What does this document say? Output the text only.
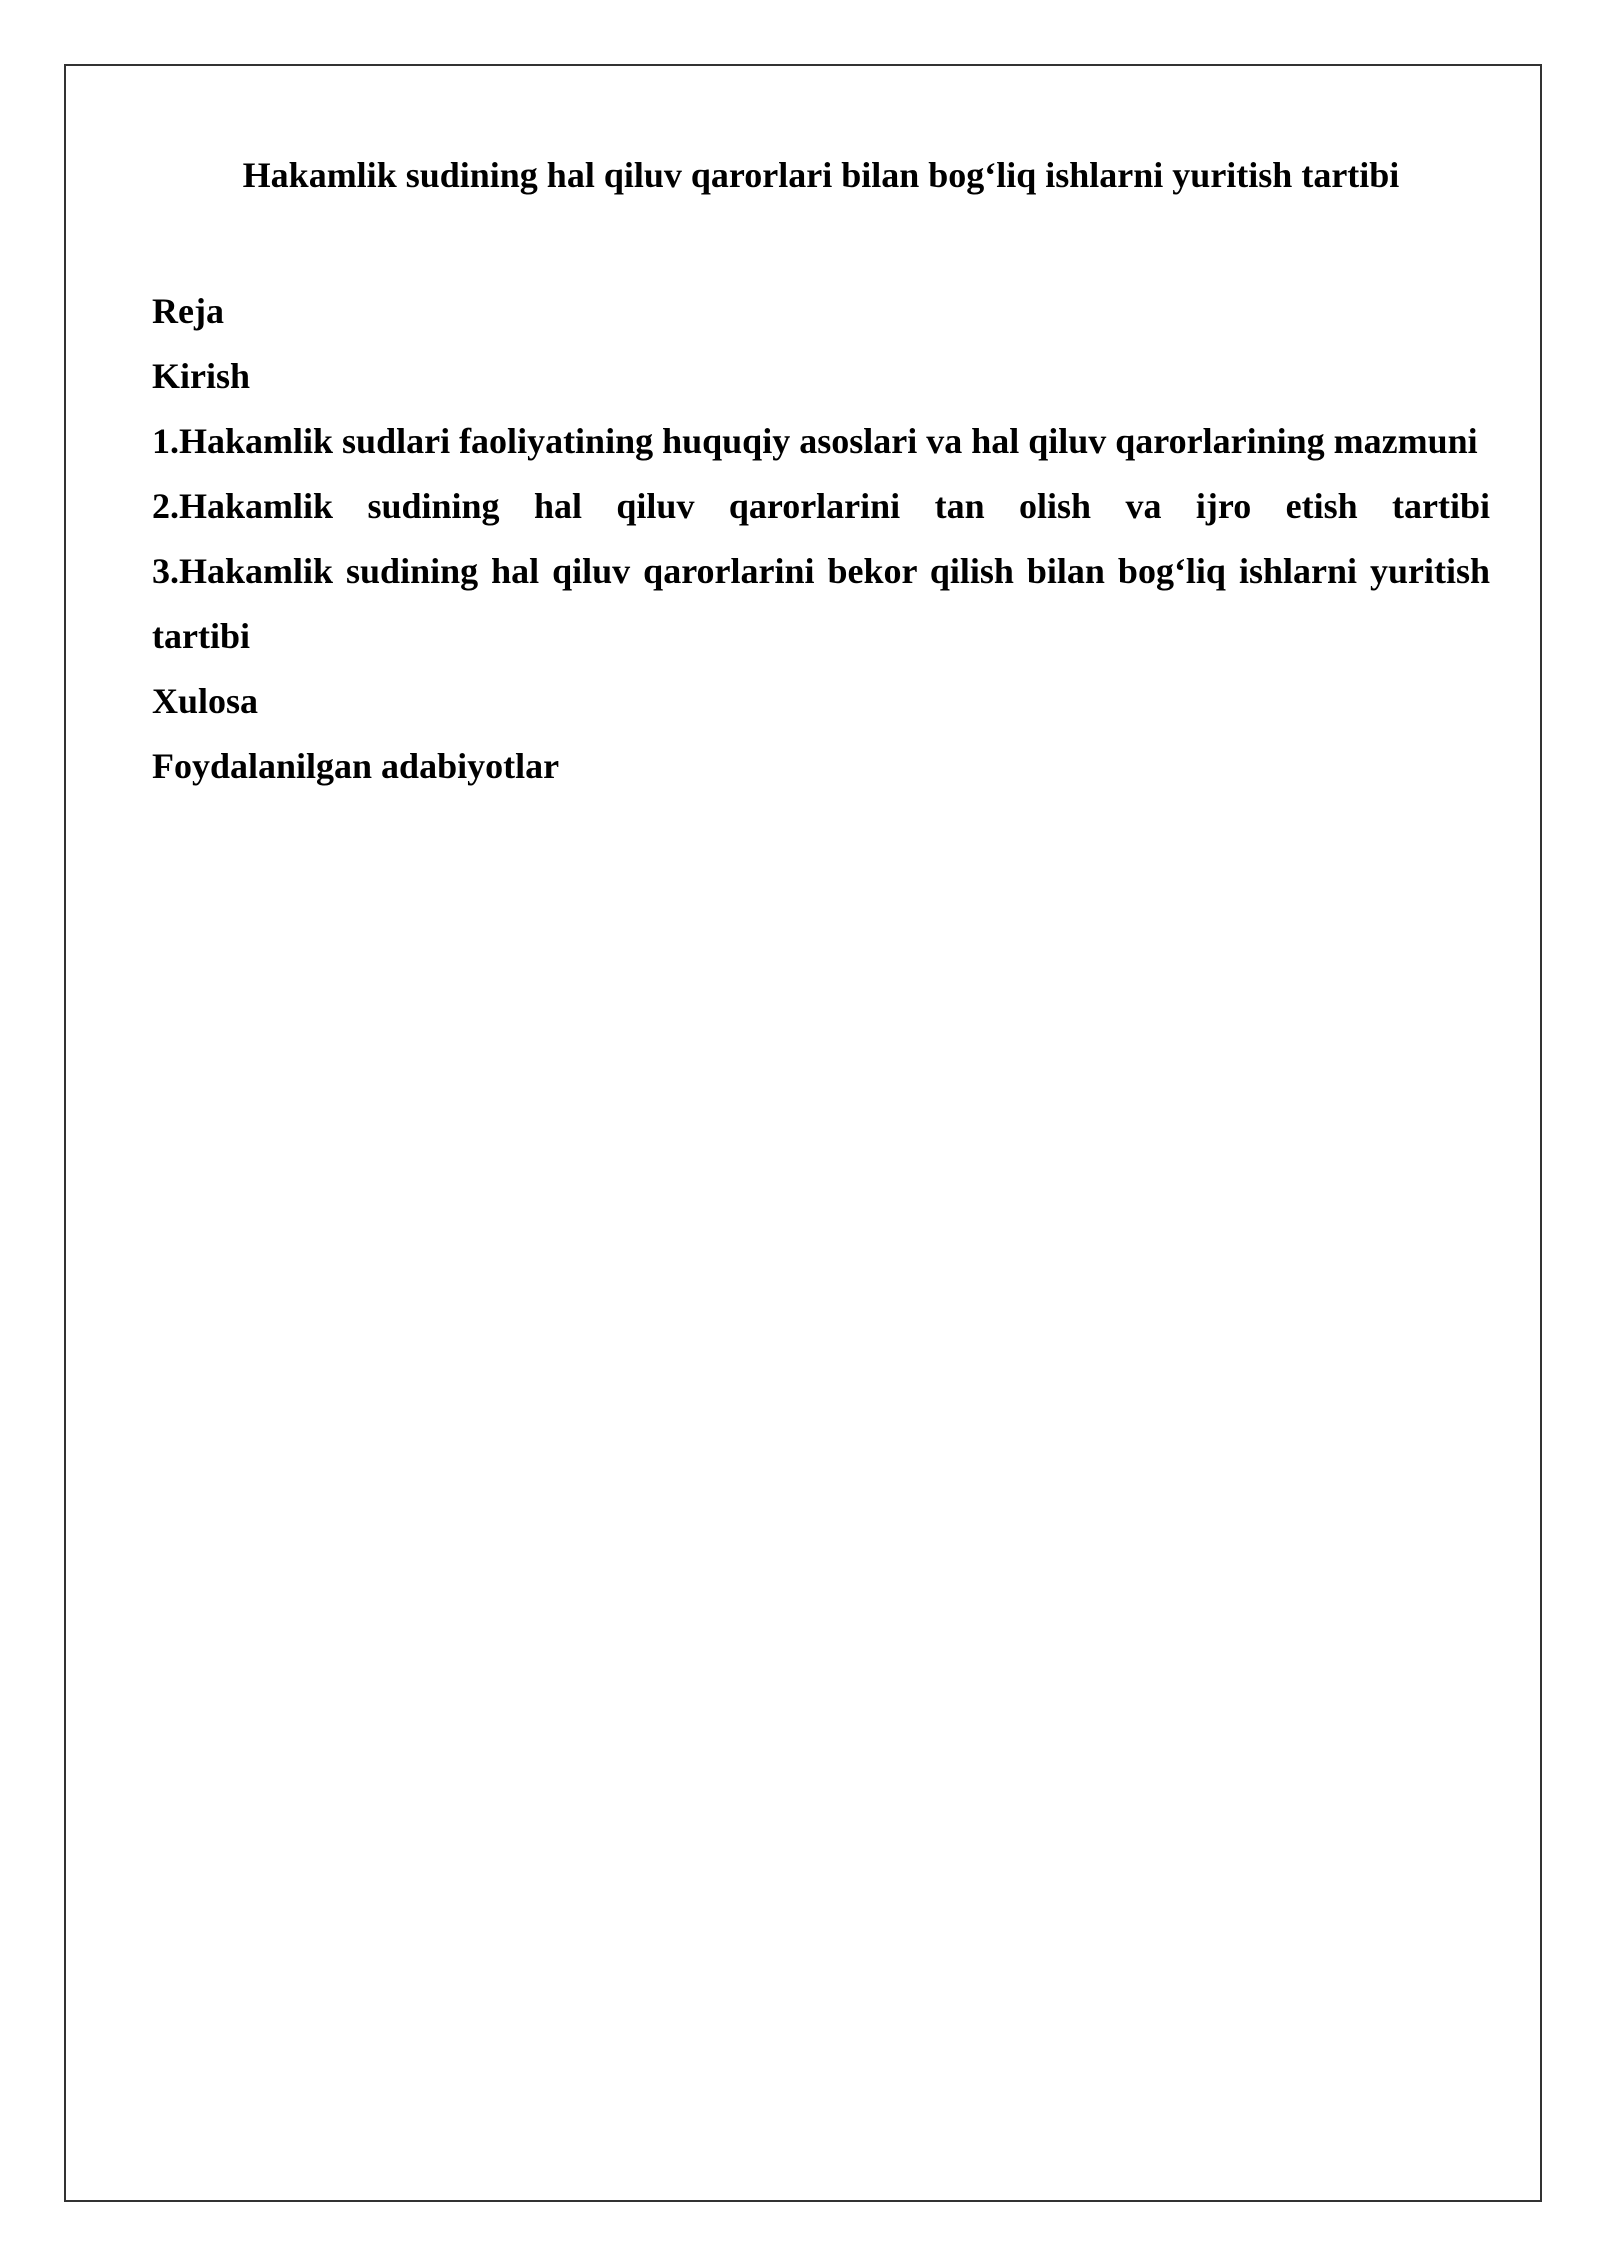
Hakamlik sudining hal qiluv qarorlari bilan bog‘liq ishlarni yuritish tartibi

Reja

Kirish

1.Hakamlik sudlari faoliyatining huquqiy asoslari va hal qiluv qarorlarining mazmuni

2.Hakamlik sudining hal qiluv qarorlarini tan olish va ijro etish tartibi

3.Hakamlik sudining hal qiluv qarorlarini bekor qilish bilan bog‘liq ishlarni yuritish tartibi

Xulosa

Foydalanilgan adabiyotlar
